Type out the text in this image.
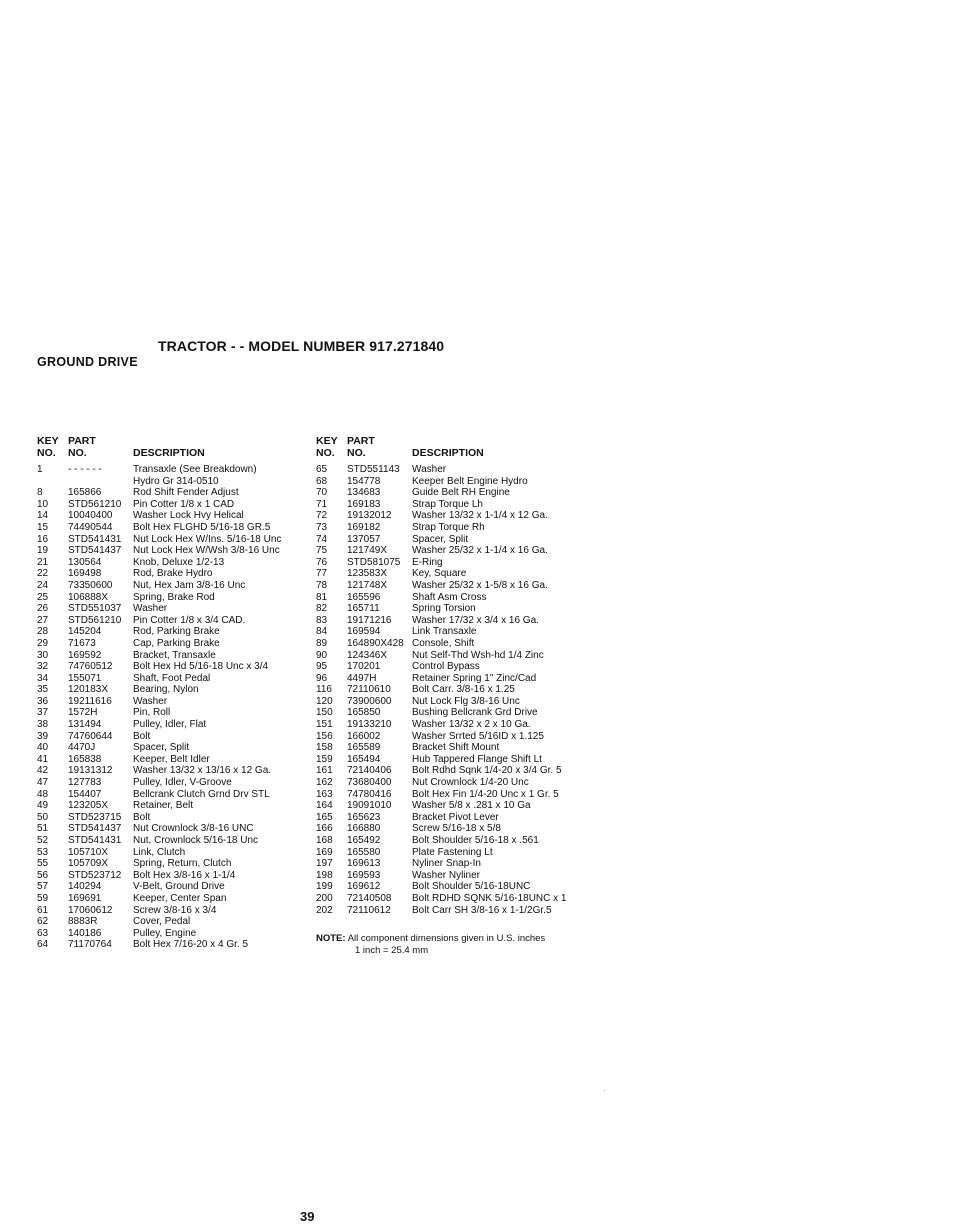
TRACTOR - - MODEL NUMBER 917.271840
GROUND DRIVE
KEY
NO.
PART
NO.	DESCRIPTION
1	- - - - - -	Transaxle (See Breakdown)
Hydro Gr 314-0510
8	165866	Rod Shift Fender Adjust
10 STD561210 Pin Cotter 1/8 x 1 CAD
14 10040400 Washer Lock Hvy Helical
15 74490544 Bolt Hex FLGHD 5/16-18 GR.5
16 STD541431 Nut Lock Hex W/Ins. 5/16-18 Unc
19 STD541437 Nut Lock Hex W/Wsh 3/8-16 Unc
21 130564	Knob, Deluxe 1/2-13
22 169498	Rod, Brake Hydro
24 73350600 Nut, Hex Jam 3/8-16 Unc
25 106888X Spring, Brake Rod
26 STD551037 Washer
27 STD561210 Pin Cotter 1/8 x 3/4 CAD.
28 145204	Rod, Parking Brake
29 71673	Cap, Parking Brake
30 169592	Bracket, Transaxle
32 74760512 Bolt Hex Hd 5/16-18 Unc x 3/4
34 155071	Shaft, Foot Pedal
35 120183X Bearing, Nylon
36 19211616 Washer
37 1572H	Pin, Roll
38 131494	Pulley, Idler, Flat
39 74760644 Bolt
40 4470J	Spacer, Split
41 165838	Keeper, Belt Idler
42 19131312 Washer 13/32 x 13/16 x 12 Ga.
47 127783	Pulley, Idler, V-Groove
48 154407	Bellcrank Clutch Grnd Drv STL
49 123205X Retainer, Belt
50 STD523715 Bolt
51 STD541437 Nut Crownlock 3/8-16 UNC
52 STD541431 Nut, Crownlock 5/16-18 Unc
53 105710X Link, Clutch
55 105709X Spring, Return, Clutch
56 STD523712 Bolt Hex 3/8-16 x 1-1/4
57 140294	V-Belt, Ground Drive
59 169691	Keeper, Center Span
61 17060612 Screw 3/8-16 x 3/4
62 8883R	Cover, Pedal
63 140186	Pulley, Engine
64 71170764 Bolt Hex 7/16-20 x 4 Gr. 5
KEY
NO.
PART
NO.	DESCRIPTION
65 STD551143 Washer
68 154778	Keeper Belt Engine Hydro
70 134683	Guide Belt RH Engine
71 169183	Strap Torque Lh
72 19132012 Washer 13/32 x 1-1/4 x 12 Ga.
73 169182	Strap Torque Rh
74 137057	Spacer, Split
75 121749X Washer 25/32 x 1-1/4 x 16 Ga.
76 STD581075 E-Ring
77 123583X Key, Square
78 121748X Washer 25/32 x 1-5/8 x 16 Ga.
81 165596	Shaft Asm Cross
82 165711	Spring Torsion
83 19171216 Washer 17/32 x 3/4 x 16 Ga.
84 169594	Link Transaxle
89 164890X428 Console, Shift
90 124346X Nut Self-Thd Wsh-hd 1/4 Zinc
95 170201	Control Bypass
96 4497H	Retainer Spring 1" Zinc/Cad
116 72110610 Bolt Carr. 3/8-16 x 1.25
120 73900600 Nut Lock Flg 3/8-16 Unc
150 165850	Bushing Bellcrank Grd Drive
151 19133210 Washer 13/32 x 2 x 10 Ga.
156 166002	Washer Srrted 5/16ID x 1.125
158 165589	Bracket Shift Mount
159 165494	Hub Tappered Flange Shift Lt
161 72140406 Bolt Rdhd Sqnk 1/4-20 x 3/4 Gr. 5
162 73680400 Nut Crownlock 1/4-20 Unc
163 74780416 Bolt Hex Fin 1/4-20 Unc x 1 Gr. 5
164 19091010 Washer 5/8 x .281 x 10 Ga
165 165623	Bracket Pivot Lever
166 166880	Screw 5/16-18 x 5/8
168 165492	Bolt Shoulder 5/16-18 x .561
169 165580	Plate Fastening Lt
197 169613	Nyliner Snap-In
198 169593	Washer Nyliner
199 169612	Bolt Shoulder 5/16-18UNC
200 72140508 Bolt RDHD SQNK 5/16-18UNC x 1
202 72110612 Bolt Carr SH 3/8-16 x 1-1/2Gr.5
NOTE: All component dimensions given in U.S. inches
1 inch = 25.4 mm
39
